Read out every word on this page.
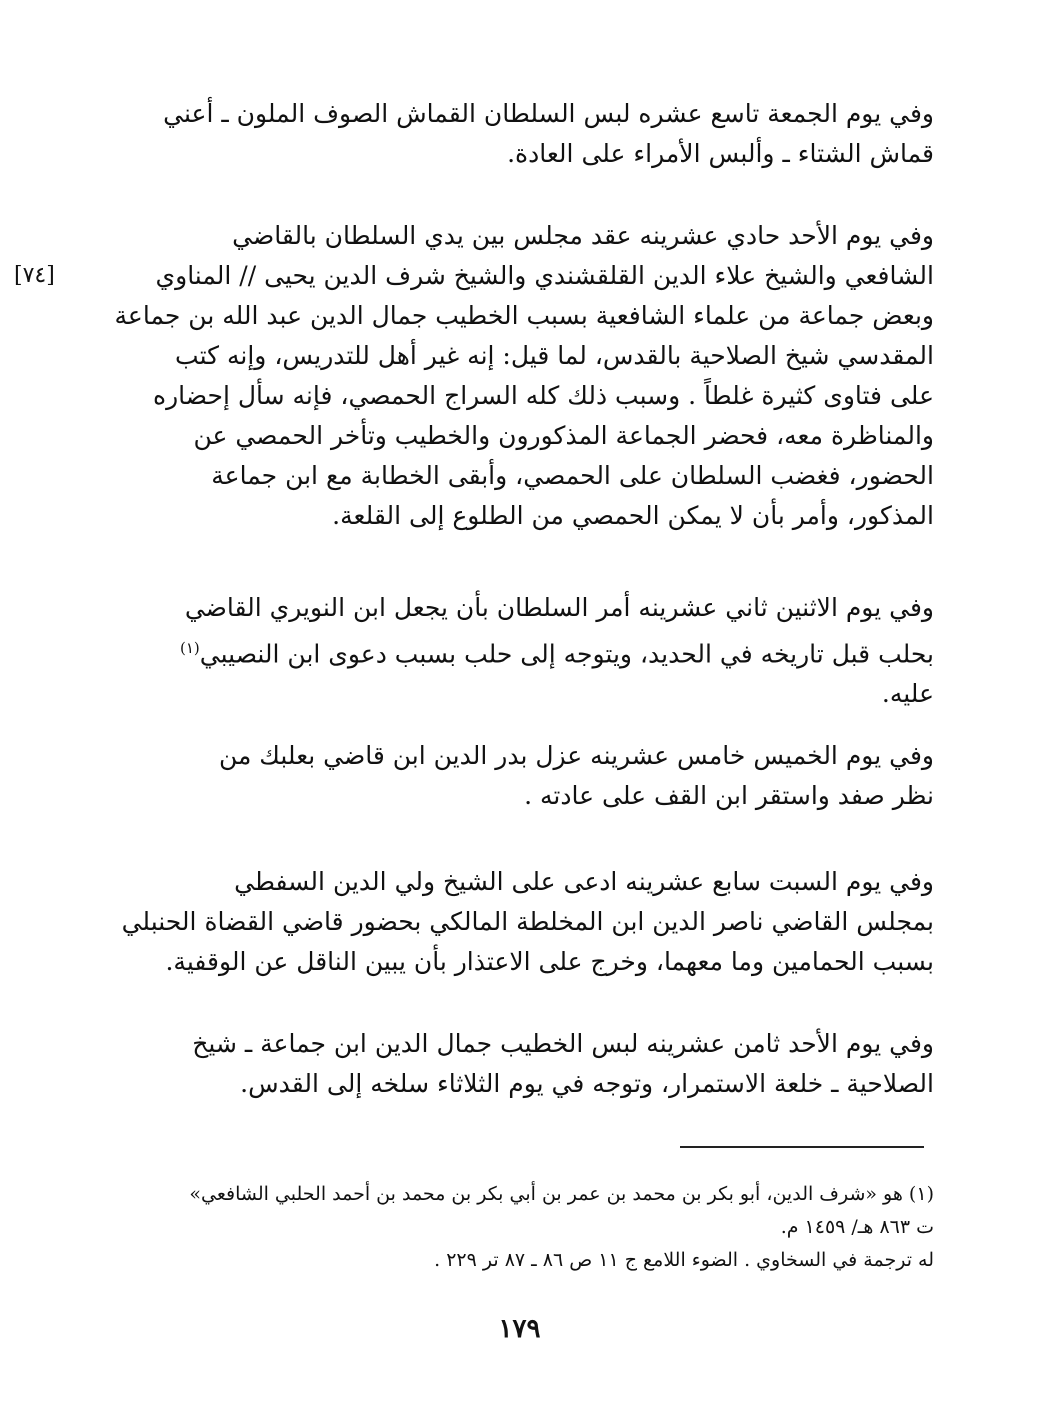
وفي يوم الجمعة تاسع عشره لبس السلطان القماش الصوف الملون ـ أعني
قماش الشتاء ـ وألبس الأمراء على العادة.
وفي يوم الأحد حادي عشرينه عقد مجلس بين يدي السلطان بالقاضي
الشافعي والشيخ علاء الدين القلقشندي والشيخ شرف الدين يحيى // المناوي
وبعض جماعة من علماء الشافعية بسبب الخطيب جمال الدين عبد الله بن جماعة
المقدسي شيخ الصلاحية بالقدس، لما قيل: إنه غير أهل للتدريس، وإنه كتب
على فتاوى كثيرة غلطاً . وسبب ذلك كله السراج الحمصي، فإنه سأل إحضاره
والمناظرة معه، فحضر الجماعة المذكورون والخطيب وتأخر الحمصي عن
الحضور، فغضب السلطان على الحمصي، وأبقى الخطابة مع ابن جماعة
المذكور، وأمر بأن لا يمكن الحمصي من الطلوع إلى القلعة.
[٧٤]
وفي يوم الاثنين ثاني عشرينه أمر السلطان بأن يجعل ابن النويري القاضي
بحلب قبل تاريخه في الحديد، ويتوجه إلى حلب بسبب دعوى ابن النصيبي$^{(١)}$
عليه.
وفي يوم الخميس خامس عشرينه عزل بدر الدين ابن قاضي بعلبك من
نظر صفد واستقر ابن القف على عادته .
وفي يوم السبت سابع عشرينه ادعى على الشيخ ولي الدين السفطي
بمجلس القاضي ناصر الدين ابن المخلطة المالكي بحضور قاضي القضاة الحنبلي
بسبب الحمامين وما معهما، وخرج على الاعتذار بأن يبين الناقل عن الوقفية.
وفي يوم الأحد ثامن عشرينه لبس الخطيب جمال الدين ابن جماعة ـ شيخ
الصلاحية ـ خلعة الاستمرار، وتوجه في يوم الثلاثاء سلخه إلى القدس.
(١) هو «شرف الدين، أبو بكر بن محمد بن عمر بن أبي بكر بن محمد بن أحمد الحلبي الشافعي»
ت ٨٦٣ هـ/ ١٤٥٩ م.
له ترجمة في السخاوي . الضوء اللامع ج ١١ ص ٨٦ ـ ٨٧ تر ٢٢٩ .
١٧٩
